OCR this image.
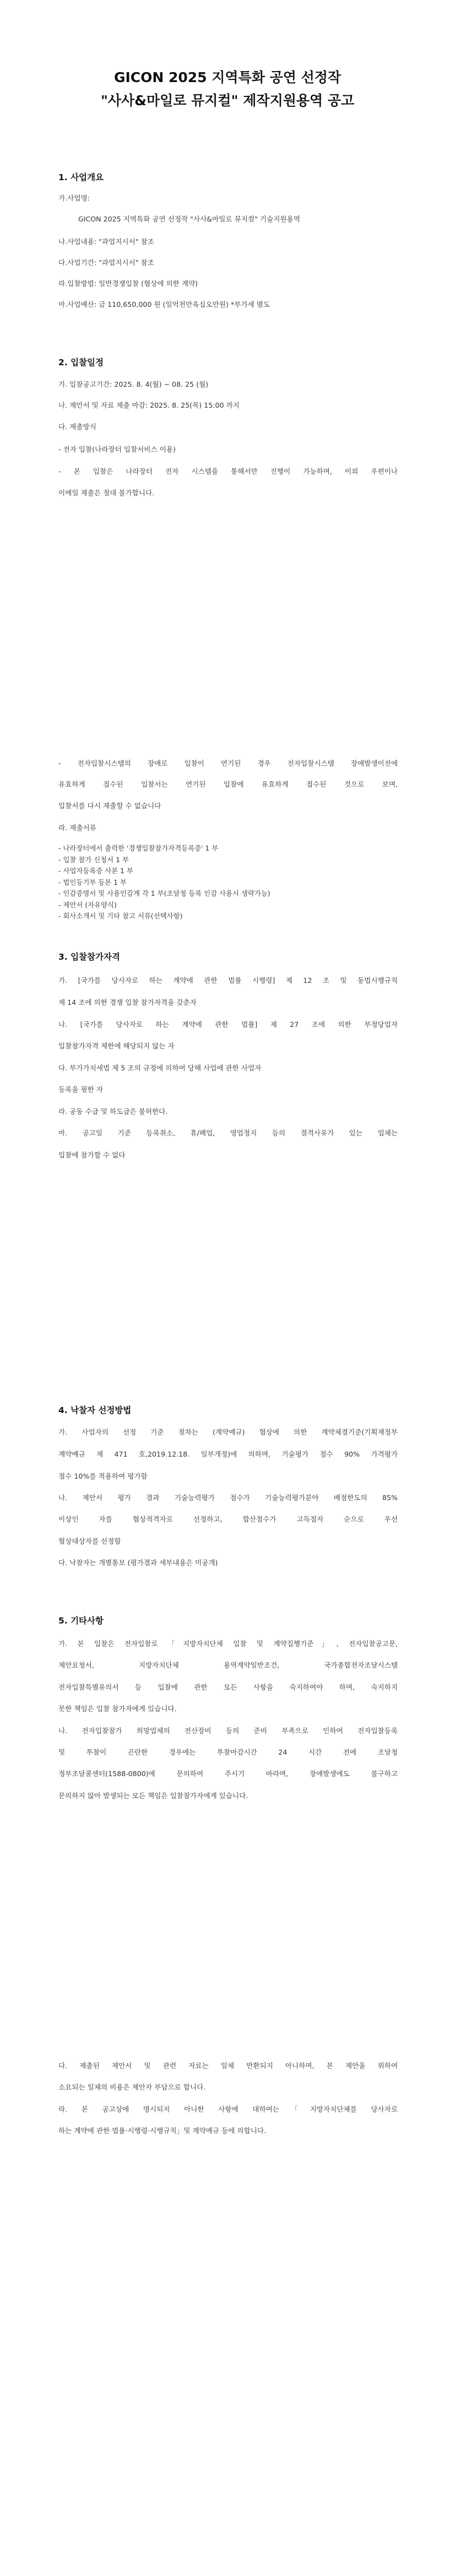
GICON 2025 지역특화 공연 선정작
"사사&마일로 뮤지컬" 제작지원용역 공고
1. 사업개요
가.사업명:
GICON 2025 지역특화 공연 선정작 "사사&마일로 뮤지컬" 기술지원용역
나.사업내용: "과업지시서" 참조
다.사업기간: "과업지시서" 참조
라.입찰방법: 일반경쟁입찰 (협상에 의한 계약)
마.사업예산: 금 110,650,000 원 (일억천만육십오만원) *부가세 별도
2. 입찰일정
가. 입찰공고기간: 2025. 8. 4(월) ~ 08. 25 (월)
나. 제안서 및 자료 제출 마감: 2025. 8. 25(목) 15:00 까지
다. 제출방식
- 전자 입찰(나라장터 입찰서비스 이용)
- 본 입찰은 나라장터 전자 시스템을 통해서만 진행이 가능하며, 이외 우편이나
이메일 제출은 절대 불가합니다.
- 전자입찰시스템의 장애로 입찰이 연기된 경우 전자입찰시스템 장애발생이전에
유효하게 접수된 입찰서는 연기된 입찰에 유효하게 접수된 것으로 보며,
입찰서를 다시 제출할 수 없습니다
라. 제출서류
- 나라장터에서 출력한 '경쟁입찰참가자격등록증' 1 부
- 입찰 참가 신청서 1 부
- 사업자등록증 사본 1 부
- 법인등기부 등본 1 부
- 인감증명서 및 사용인감계 각 1 부(조달청 등록 인감 사용시 생략가능)
- 제안서 (자유양식)
- 회사소개서 및 기타 참고 서류(선택사항)
3. 입찰참가자격
가. [국가를 당사자로 하는 계약에 관한 법률 시행령] 제 12 조 및 동법시행규칙
제 14 조에 의한 경쟁 입찰 참가자격을 갖춘자
나. [국가를 당사자로 하는 계약에 관한 법률] 제 27 조에 의한 부정당업자
입찰참가자격 제한에 해당되지 않는 자
다. 부가가치세법 제 5 조의 규정에 의하여 당해 사업에 관한 사업자
등록을 필한 자
라. 공동 수급 및 하도급은 불허한다.
마. 공고일 기준 등록취소, 휴/폐업, 영업정지 등의 결격사유가 있는 업체는
입찰에 참가할 수 없다
4. 낙찰자 선정방법
가. 사업자의 선정 기준 절차는 (계약예규) 협상에 의한 계약체결기준(기획재정부
계약예규 제 471 호,2019.12.18. 일부개정)에 의하며, 기술평가 점수 90% 가격평가
점수 10%를 적용하여 평가함
나. 제안서 평가 결과 기술능력평가 점수가 기술능력평가분야 배점한도의 85%
이상인 자를 협상적격자로 선정하고, 합산점수가 고득점자 순으로 우선
협상대상자를 선정함
다. 낙찰자는 개별통보 (평가결과 세부내용은 미공개)
5. 기타사항
가. 본 입찰은 전자입찰로 「지방자치단체 입찰 및 계약집행기준」, 전자입찰공고문,
제안요청서, 지방자치단체 용역계약일반조건, 국가종합전자조달시스템
전자입찰특별유의서 등 입찰에 관한 모든 사항을 숙지하여야 하며, 숙지하지
못한 책임은 입찰 참가자에게 있습니다.
나. 전자입찰참가 희망업체의 전산장비 등의 준비 부족으로 인하여 전자입찰등록
및 투찰이 곤란한 경우에는 투찰마감시간 24 시간 전에 조달청
정부조달콜센터(1588-0800)에 문의하여 주시기 바라며, 장애발생에도 불구하고
문의하지 않아 발생되는 모든 책임은 입찰참가자에게 있습니다.
다. 제출된 제안서 및 관련 자료는 일체 반환되지 아니하며, 본 제안을 위하여
소요되는 일체의 비용은 제안자 부담으로 합니다.
라. 본 공고상에 명시되지 아니한 사항에 대하여는「지방자치단체를 당사자로
하는 계약에 관한 법률·시행령·시행규칙」및 계약예규 등에 의합니다.
